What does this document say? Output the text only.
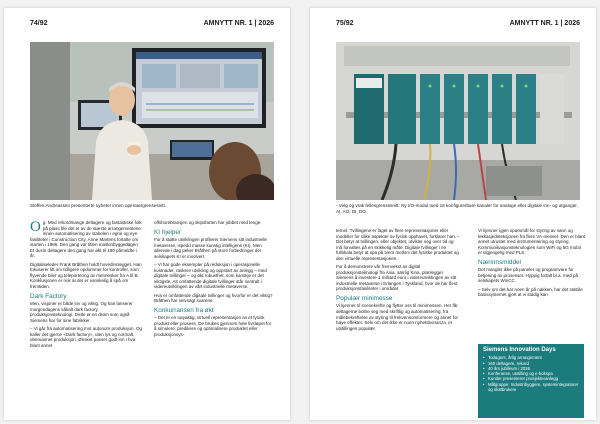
74/92	AMNYTT NR. 1 | 2026
Steffen Andreassen presenterte nyheter innen operatørgrensesnitt.
O g: Med rekordmange deltagere og fantastiske folk på plass ble det et av de største arrangementene innen automatisering av stabelen i egne og nye fasiliteter i Construction City. Anne Martens fortalte om starten i 1986. Den gang var titlen maskinbyggedagen. Et dusin deltagere den gang har økt til 180 påmeldte i år.

Digitaliseleder Frank Bråthen holdt hovedinnlegget. Han fokuserer litt om tidligere opdommer for kontroller, som flyvende biler og teleportering av mennesker fra A til B. Konklusjonen er nok at det er vanskelig å spå om fremtiden.

Dark Factory

Men, visjoner er både lov og viktig. Og han lanserer morgendagens såkalt dark factory produksjonsteknologi. Dette er en drøm som også Siemens har for sine fabrikker.

– Vi går fra automatisering mot autonom produksjon. Og kaller det gjerne «Dark factory», uten lys og normalt, ubemannet produksjon. Ønsket passer godt inn i hva blant annet

offshorebransjen og skipsfarten har jobbet med lenge.

KI hjelper

For å støtte utviklingen profilerer Siemens sitt industrielle metaverse, ispedd masse kunstig intelligens (KI). Men allerede i dag peker Bråthen på store forbedringer der selskapets KI er involvert.

– Vi har gode eksempler på reduksjon i operasjonelle kostnader, raskere utvikling og oppstart av anlegg – med digitale tvillinger – og økt robusthet, som kanskje er det viktigste. Alt omfattende digitale tvillinger står sentralt i videreutviklingen av vårt industrielle metaverse.

Hva er omfattende digitale tvillinger og hvorfor er det viktig? Bråthen har selvsagt svarene.

Konkurransen fra økt

– Det er en nøyaktig, virtuell representasjon av et fysisk produkt eller prosess. De brukes gjennom hele livsløpet for å simulere, predikere og optimalisere produktet eller produksjonsys-

75/92	AMNYTT NR. 1 | 2026
- Velg og vrak fellesgrensesnitt: Ny I/O-modul med 16 konfigurerbare kanaler for analoge eller digitale inn- og utganger, AI, AO, DI, DO.

temet. Tvillingene er laget av flere representasjoner eller modeller for ulike aspekter av fysisk opphavet, forklarer han. – Det betyr at tvillingen, eller objektet, utvikler seg over tid og må forvaltes på en skikkelig måte. Digitale tvillinger i en fullskala betyr at spa på tvers mellom det fysiske produktet og den virtuelle representasjonen.

For å demonstrere vår fremvekst av digital produksjonsteknologi fra Asia, særlig Kina, planlegger Siemens å investere 1 milliard euro i videreutviklingen av sitt industrielle metaverse i Erlangen i Tyskland, hvor de har flest produksjonsfasiliteter i området.

Populær minimesse

Vi kjenner til scenekrefte og flytter oss til minimessen. Her får deltagerne boltre seg med skriftlig og automatisering, fra målebekreftelse av styring til frekvensomformere og annet for høye effekter. Selv om det ikke er noen nyhetsbonanza, er utstillingen populær.

Vi kjenner igjen spørsmål for styring av vann og lekkasjedeteksjonen fra flere VA-messer. Den er blant annet utrustet med instrumentering og styring. Kommunikasjonsteknologien som WiFi og 5G mobil er tilgjengelig med PLS.

Nærinnsmiddel

Det mangler ikke på paneler og programvare for betjening av prosesser. Hyppig fortalt bl.a. med på selskapets WinCC.

– Selv om det har noen år på nakken, har det stabile basissystemet gjort at vi stadig kan

Siemens Innovation Days
• Todagers, årlig arrangement
• 160 deltagere, rekord
• 40 års jubileum i 2026
• Konferanse, utstilling og e-bokspa
• Kunder presenterer prosjekteranlegg
• Målgruppe: Industribyggere, systemintegratorer og sluttbrukere
